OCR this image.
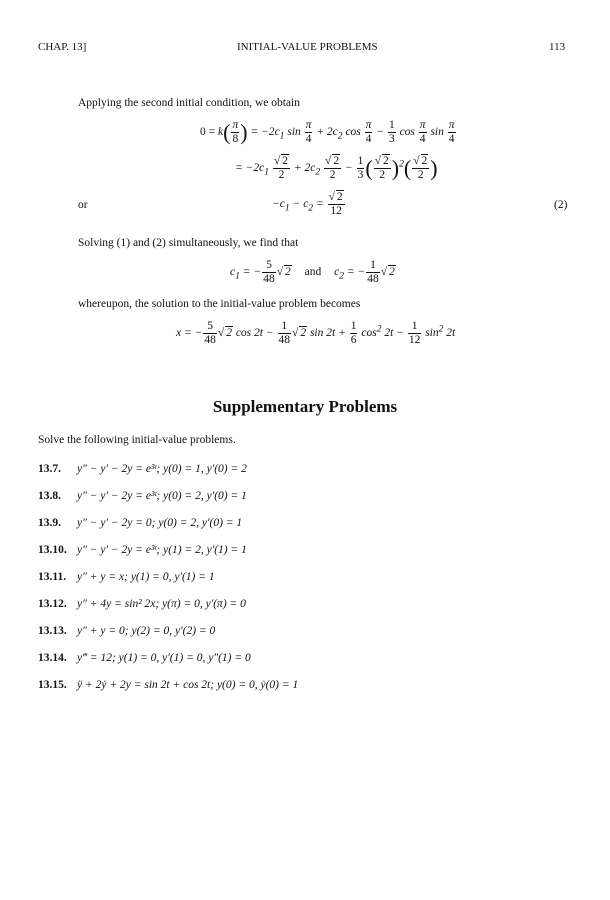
CHAP. 13]	INITIAL-VALUE PROBLEMS	113
Applying the second initial condition, we obtain
$0 = k( \frac{\pi}{8}$ ) = $-2c_1$ $\sin \frac{\pi}{4} + 2c_2$ $\cos \frac{\pi}{4} - \frac{1}{3}$ $\cos \frac{\pi}{4}$ $\sin \frac{\pi}{4}$
= $-2c_1 \frac{√ 2}{2} + 2c_2 \frac{√ 2}{2} - \frac{1}{3}$ ( $\frac{√ 2}{2} )^2( \frac{√ 2}{2}$ )
or	$-c_1 - c_2 = \frac{√ 2}{12}$	(2)
Solving (1) and (2) simultaneously, we find that
$c_1$ = − $\frac{5}{48}$ √ 2 and $c_2$ = − $\frac{1}{48}$ √ 2
whereupon, the solution to the initial-value problem becomes
x = − $\frac{5}{48}$ √ 2 $\cos 2t - \frac{1}{48}$ √ 2 $\sin 2t + \frac{1}{6} \cos^2 2t - \frac{1}{12} \sin^2 2t$
Supplementary Problems
Solve the following initial-value problems.
13.7. y″ − y′ − 2y = e³ᵗ; y(0) = 1, y′(0) = 2
13.8. y″ − y′ − 2y = e³ᵗ; y(0) = 2, y′(0) = 1
13.9. y″ − y′ − 2y = 0; y(0) = 2, y′(0) = 1
13.10. y″ − y′ − 2y = e³ᵗ; y(1) = 2, y′(1) = 1
13.11. y″ + y = x; y(1) = 0, y′(1) = 1
13.12. y″ + 4y = sin² 2x; y(π) = 0, y′(π) = 0
13.13. y″ + y = 0; y(2) = 0, y′(2) = 0
13.14. y‴ = 12; y(1) = 0, y′(1) = 0, y″(1) = 0
13.15. ÿ + 2ẏ + 2y = sin 2t + cos 2t; y(0) = 0, ẏ(0) = 1
